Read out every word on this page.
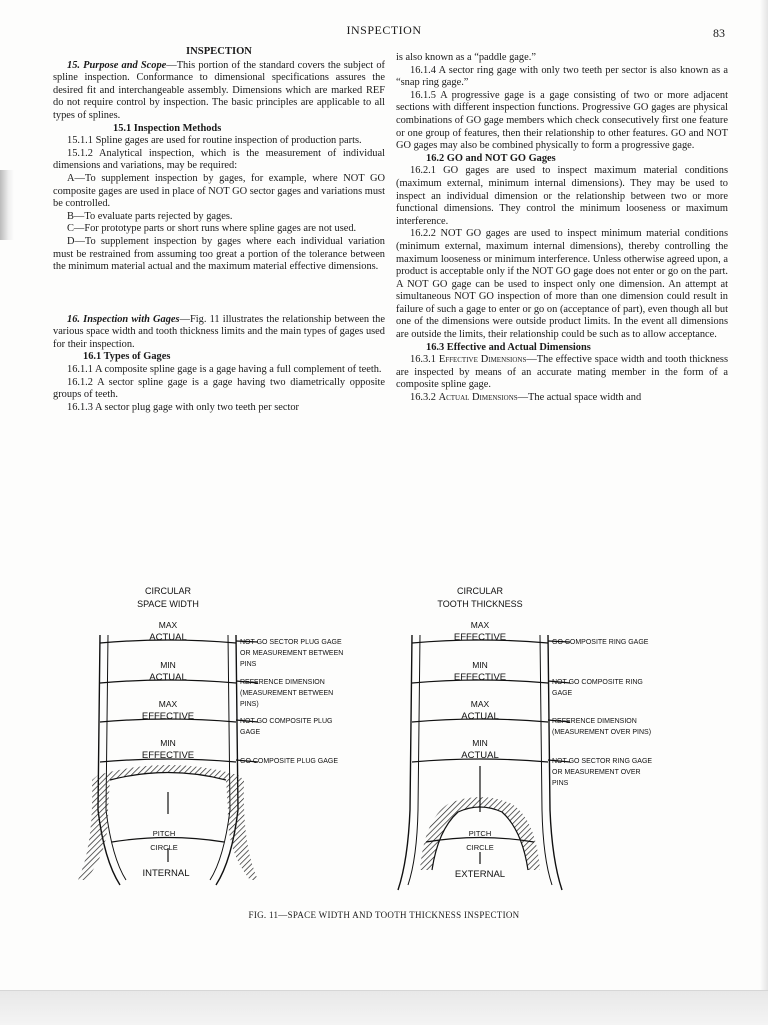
INSPECTION	83
INSPECTION

15. Purpose and Scope—This portion of the standard covers the subject of spline inspection. Conformance to dimensional specifications assures the desired fit and interchangeable assembly. Dimensions which are marked REF do not require control by inspection. The basic principles are applicable to all types of splines.

15.1 Inspection Methods

15.1.1 Spline gages are used for routine inspection of production parts.

15.1.2 Analytical inspection, which is the measurement of individual dimensions and variations, may be required:

A—To supplement inspection by gages, for example, where NOT GO composite gages are used in place of NOT GO sector gages and variations must be controlled.

B—To evaluate parts rejected by gages.

C—For prototype parts or short runs where spline gages are not used.

D—To supplement inspection by gages where each individual variation must be restrained from assuming too great a portion of the tolerance between the minimum material actual and the maximum material effective dimensions.

16. Inspection with Gages—Fig. 11 illustrates the relationship between the various space width and tooth thickness limits and the main types of gages used for their inspection.

16.1 Types of Gages

16.1.1 A composite spline gage is a gage having a full complement of teeth.

16.1.2 A sector spline gage is a gage having two diametrically opposite groups of teeth.

16.1.3 A sector plug gage with only two teeth per sector

is also known as a “paddle gage.”

16.1.4 A sector ring gage with only two teeth per sector is also known as a “snap ring gage.”

16.1.5 A progressive gage is a gage consisting of two or more adjacent sections with different inspection functions. Progressive GO gages are physical combinations of GO gage members which check consecutively first one feature or one group of features, then their relationship to other features. GO and NOT GO gages may also be combined physically to form a progressive gage.

16.2 GO and NOT GO Gages

16.2.1 GO gages are used to inspect maximum material conditions (maximum external, minimum internal dimensions). They may be used to inspect an individual dimension or the relationship between two or more functional dimensions. They control the minimum looseness or maximum interference.

16.2.2 NOT GO gages are used to inspect minimum material conditions (minimum external, maximum internal dimensions), thereby controlling the maximum looseness or minimum interference. Unless otherwise agreed upon, a product is acceptable only if the NOT GO gage does not enter or go on the part. A NOT GO gage can be used to inspect only one dimension. An attempt at simultaneous NOT GO inspection of more than one dimension could result in failure of such a gage to enter or go on (acceptance of part), even though all but one of the dimensions were outside product limits. In the event all dimensions are outside the limits, their relationship could be such as to allow acceptance.

16.3 Effective and Actual Dimensions

16.3.1 Effective Dimensions—The effective space width and tooth thickness are inspected by means of an accurate mating member in the form of a composite spline gage.

16.3.2 Actual Dimensions—The actual space width and

CIRCULAR
SPACE WIDTH
MAX
ACTUAL
MIN
ACTUAL
MAX
EFFECTIVE
MIN
EFFECTIVE
NOT GO SECTOR PLUG GAGE
OR MEASUREMENT BETWEEN
PINS
REFERENCE DIMENSION
(MEASUREMENT BETWEEN
PINS)
NOT GO COMPOSITE PLUG
GAGE
GO COMPOSITE PLUG GAGE
PITCH
CIRCLE
INTERNAL
CIRCULAR
TOOTH THICKNESS
MAX
EFFECTIVE
MIN
EFFECTIVE
MAX
ACTUAL
MIN
ACTUAL
GO COMPOSITE RING GAGE
NOT GO COMPOSITE RING
GAGE
REFERENCE DIMENSION
(MEASUREMENT OVER PINS)
NOT GO SECTOR RING GAGE
OR MEASUREMENT OVER
PINS
PITCH
CIRCLE
EXTERNAL
FIG. 11—SPACE WIDTH AND TOOTH THICKNESS INSPECTION
